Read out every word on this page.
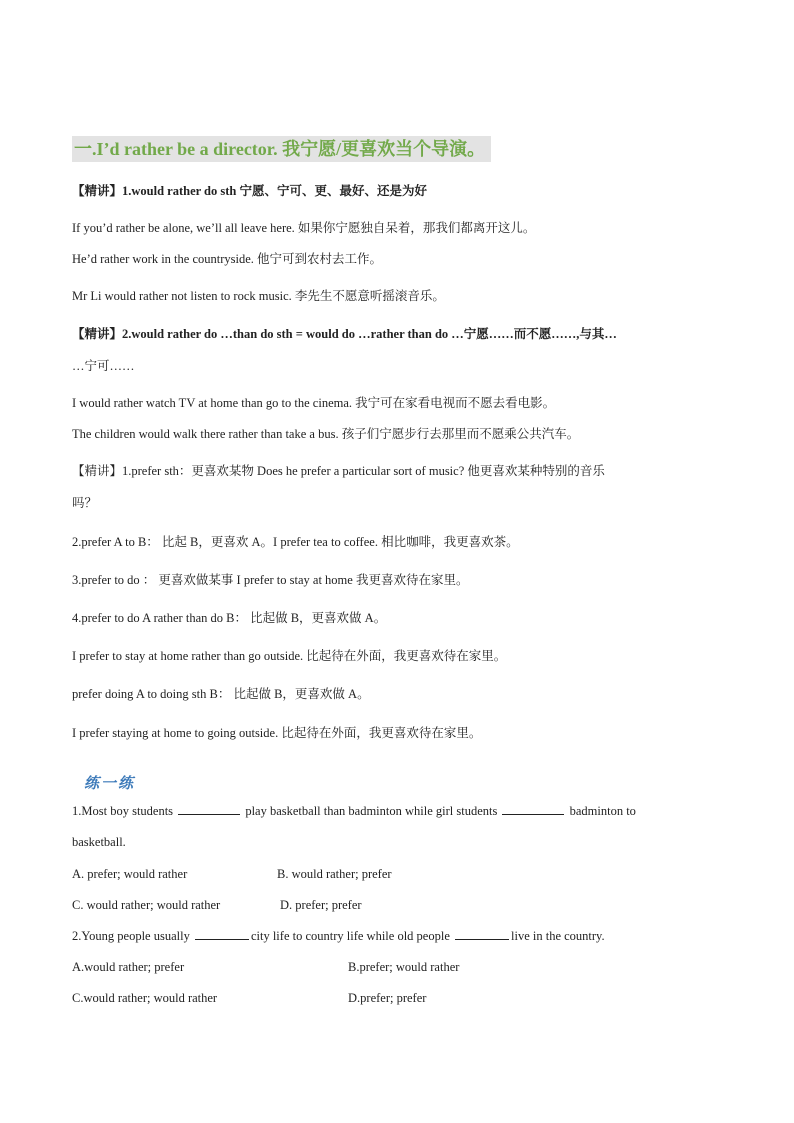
一.I’d rather be a director. 我宁愿/更喜欢当个导演。
【精讲】1.would rather do sth 宁愿、宁可、更、最好、还是为好
If you’d rather be alone, we’ll all leave here. 如果你宁愿独自呆着，那我们都离开这儿。
He’d rather work in the countryside. 他宁可到农村去工作。
Mr Li would rather not listen to rock music. 李先生不愿意听摇滚音乐。
【精讲】2.would rather do …than do sth = would do …rather than do …宁愿……而不愿……,与其…
…宁可……
I would rather watch TV at home than go to the cinema. 我宁可在家看电视而不愿去看电影。
The children would walk there rather than take a bus. 孩子们宁愿步行去那里而不愿乘公共汽车。
【精讲】1.prefer sth：更喜欢某物 Does he prefer a particular sort of music? 他更喜欢某种特别的音乐
吗？
2.prefer A to B： 比起 B，更喜欢 A。I prefer tea to coffee. 相比咖啡，我更喜欢茶。
3.prefer to do ： 更喜欢做某事 I prefer to stay at home 我更喜欢待在家里。
4.prefer to do A rather than do B： 比起做 B，更喜欢做 A。
I prefer to stay at home rather than go outside. 比起待在外面，我更喜欢待在家里。
prefer doing A to doing sth B： 比起做 B，更喜欢做 A。
I prefer staying at home to going outside. 比起待在外面，我更喜欢待在家里。
练一练
1.Most boy students	play basketball than badminton while girl students	badminton to
basketball.
A. prefer; would rather	B. would rather; prefer
C. would rather; would rather	D. prefer; prefer
2.Young people usually	city life to country life while old people	live in the country.
A.would rather; prefer	B.prefer; would rather
C.would rather; would rather	D.prefer; prefer
